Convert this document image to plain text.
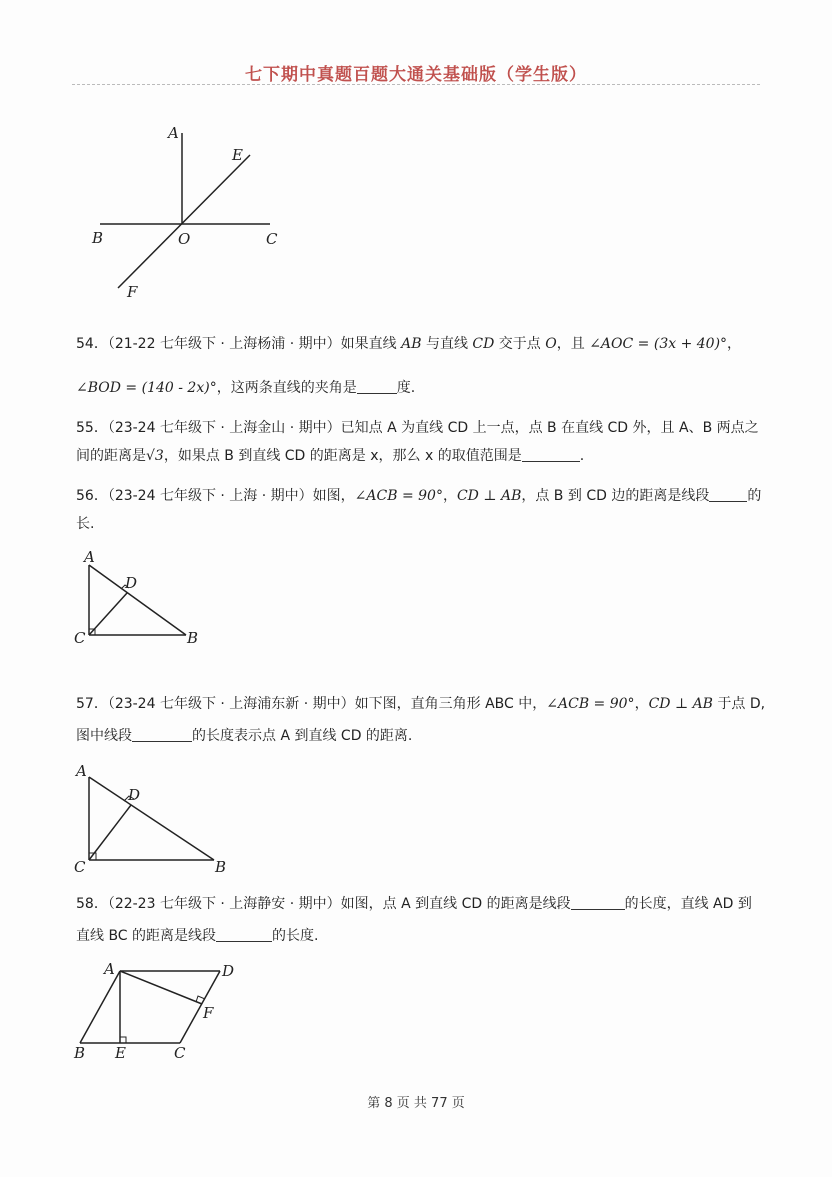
七下期中真题百题大通关基础版（学生版）
A
E
B	O	C
F
54．（21-22 七年级下 · 上海杨浦 · 期中）如果直线 AB 与直线 CD 交于点 O，且 ∠AOC = (3x + 40)°，
∠BOD = (140 - 2x)°，这两条直线的夹角是	度.
55．（23-24 七年级下 · 上海金山 · 期中）已知点 A 为直线 CD 上一点，点 B 在直线 CD 外，且 A、B 两点之
间的距离是√3，如果点 B 到直线 CD 的距离是 x，那么 x 的取值范围是	.
56．（23-24 七年级下 · 上海 · 期中）如图，∠ACB = 90°，CD ⊥ AB，点 B 到 CD 边的距离是线段	的
长.
A
D
C	B
57．（23-24 七年级下 · 上海浦东新 · 期中）如下图，直角三角形 ABC 中，∠ACB = 90°，CD ⊥ AB 于点 D,
图中线段	的长度表示点 A 到直线 CD 的距离.
A
D
C	B
58．（22-23 七年级下 · 上海静安 · 期中）如图，点 A 到直线 CD 的距离是线段	的长度，直线 AD 到
直线 BC 的距离是线段	的长度.
A	D
F
B E	C
第 8 页 共 77 页
